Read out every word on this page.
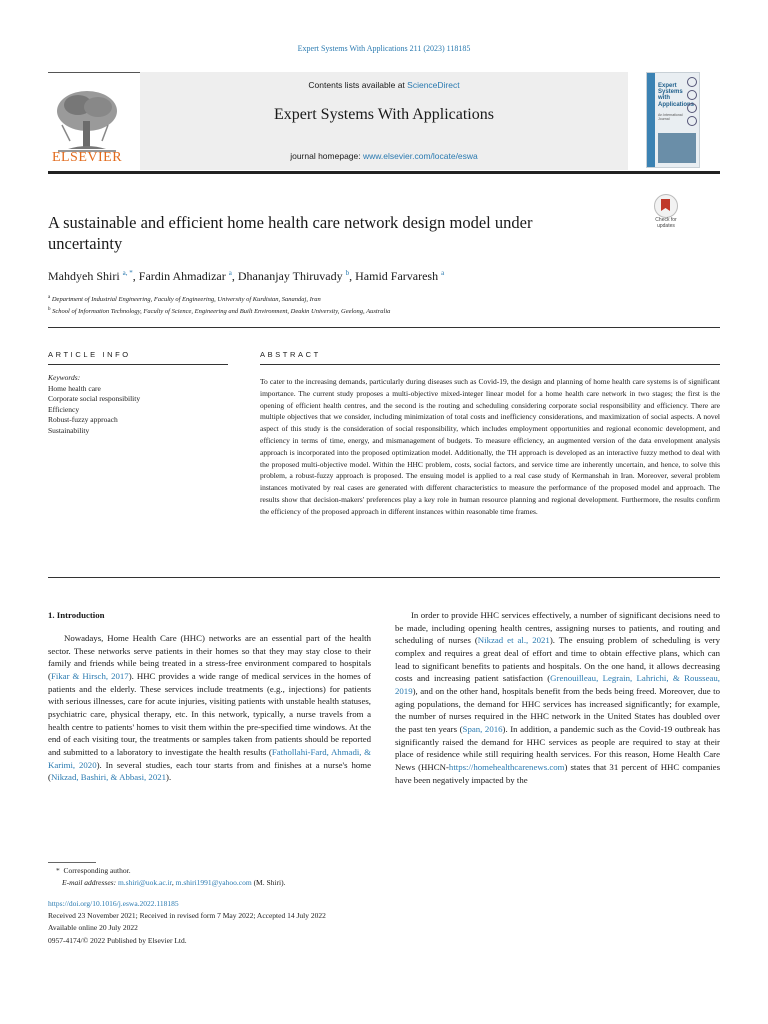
Expert Systems With Applications 211 (2023) 118185
ELSEVIER
Contents lists available at ScienceDirect
Expert Systems With Applications
journal homepage: www.elsevier.com/locate/eswa
Expert Systems with Applications
An International Journal
A sustainable and efficient home health care network design model under uncertainty
Check for
updates
Mahdyeh Shiri $^{a, *}$, Fardin Ahmadizar $^a$, Dhananjay Thiruvady $^b$, Hamid Farvaresh $^a$
$^a$ Department of Industrial Engineering, Faculty of Engineering, University of Kurdistan, Sanandaj, Iran
$^b$ School of Information Technology, Faculty of Science, Engineering and Built Environment, Deakin University, Geelong, Australia
ARTICLE INFO	ABSTRACT
Keywords:
Home health care
Corporate social responsibility
Efficiency
Robust-fuzzy approach
Sustainability
To cater to the increasing demands, particularly during diseases such as Covid-19, the design and planning of home health care systems is of significant importance. The current study proposes a multi-objective mixed-integer linear model for a home health care network in two stages; the first is the opening of efficient health centres, and the second is the routing and scheduling considering corporate social responsibility and efficiency. There are multiple objectives that we consider, including minimization of total costs and inefficiency considerations, and maximization of social aspects. A novel aspect of this study is the consideration of social responsibility, which includes employment opportunities and regional economic development, and efficiency in terms of time, energy, and mismanagement of budgets. To measure efficiency, an augmented version of the data envelopment analysis approach is incorporated into the proposed optimization model. Additionally, the TH approach is developed as an interactive fuzzy method to deal with the proposed multi-objective model. Within the HHC problem, costs, social factors, and service time are inherently uncertain, and hence, to solve this problem, a robust-fuzzy approach is proposed. The ensuing model is applied to a real case study of Kermanshah in Iran. Moreover, several problem instances motivated by real cases are generated with different characteristics to measure the performance of the proposed model and approach. The results show that decision-makers' preferences play a key role in human resource planning and regional development. Furthermore, the results confirm the efficiency of the proposed approach in different instances within reasonable time frames.
1. Introduction

Nowadays, Home Health Care (HHC) networks are an essential part of the health sector. These networks serve patients in their homes so that they may stay close to their family and friends while being treated in a stress-free environment compared to hospitals (Fikar & Hirsch, 2017). HHC provides a wide range of medical services in the homes of patients and the elderly. These services include treatments (e.g., injections) for patients with serious illnesses, care for acute injuries, visiting patients with unstable health statuses, psychiatric care, physical therapy, etc. In this network, typically, a nurse travels from a health centre to patients' homes to visit them within the pre-specified time windows. At the end of each visiting tour, the treatments or samples taken from patients should be reported and submitted to a laboratory to investigate the health results (Fathollahi-Fard, Ahmadi, & Karimi, 2020). In several studies, each tour starts from and finishes at a nurse's home (Nikzad, Bashiri, & Abbasi, 2021).

In order to provide HHC services effectively, a number of significant decisions need to be made, including opening health centres, assigning nurses to patients, and routing and scheduling of nurses (Nikzad et al., 2021). The ensuing problem of scheduling is very complex and requires a great deal of effort and time to obtain effective plans, which can lead to significant benefits to patients and hospitals. On the one hand, it allows decreasing costs and increasing patient satisfaction (Grenouilleau, Legrain, Lahrichi, & Rousseau, 2019), and on the other hand, hospitals benefit from the beds being freed. Moreover, due to aging populations, the demand for HHC services has increased significantly; for example, the number of nurses required in the HHC network in the United States has doubled over the past ten years (Span, 2016). In addition, a pandemic such as the Covid-19 outbreak has significantly raised the demand for HHC services as people are required to stay at their place of residence while still requiring health services. For this reason, Home Health Care News (HHCN-https://homehealthcarenews.com) states that 31 percent of HHC companies have been negatively impacted by the

*  Corresponding author.
E-mail addresses: m.shiri@uok.ac.ir, m.shiri1991@yahoo.com (M. Shiri).
https://doi.org/10.1016/j.eswa.2022.118185
Received 23 November 2021; Received in revised form 7 May 2022; Accepted 14 July 2022
Available online 20 July 2022
0957-4174/© 2022 Published by Elsevier Ltd.
